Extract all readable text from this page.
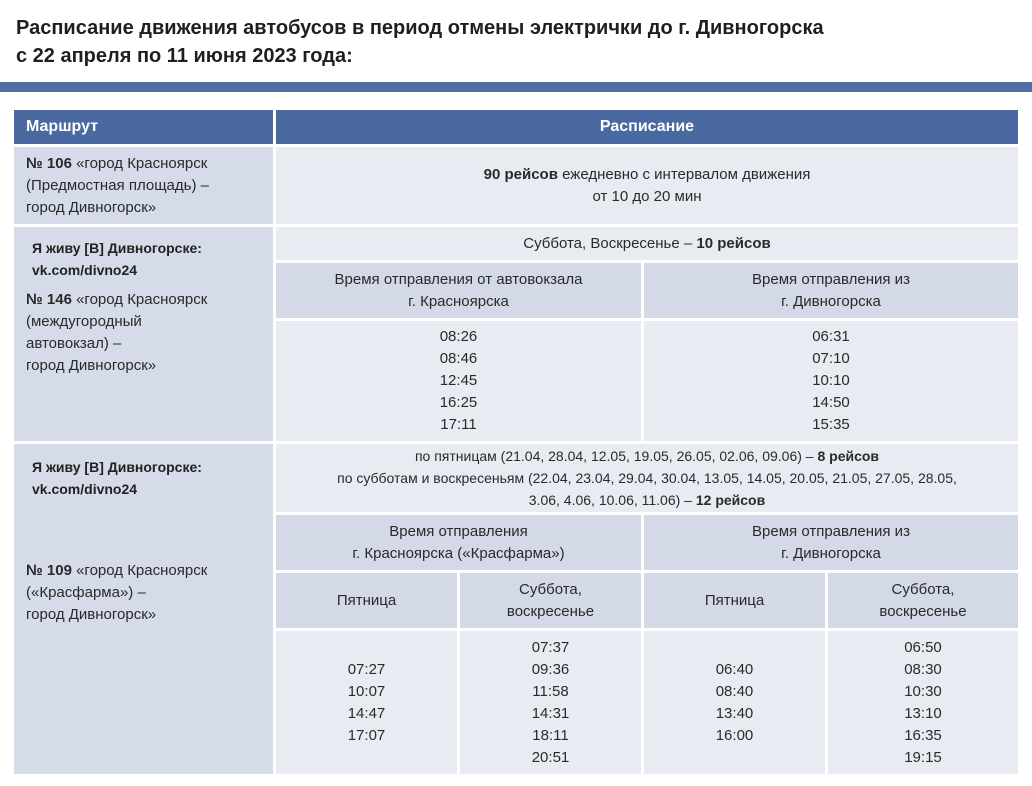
Расписание движения автобусов в период отмены электрички до г. Дивногорска
с 22 апреля по 11 июня 2023 года:
Маршрут	Расписание
№ 106 «город Красноярск
(Предмостная площадь) –
город Дивногорск»
90 рейсов ежедневно с интервалом движения
от 10 до 20 мин
Я живу [В] Дивногорске:
vk.com/divno24
№ 146 «город Красноярск
(междугородный
автовокзал) –
город Дивногорск»
Суббота, Воскресенье – 10 рейсов
Время отправления от автовокзала
г. Красноярска
Время отправления из
г. Дивногорска
08:26
08:46
12:45
16:25
17:11
06:31
07:10
10:10
14:50
15:35
Я живу [В] Дивногорске:
vk.com/divno24
№ 109 «город Красноярск
(«Красфарма») –
город Дивногорск»
по пятницам (21.04, 28.04, 12.05, 19.05, 26.05, 02.06, 09.06) – 8 рейсов
по субботам и воскресеньям (22.04, 23.04, 29.04, 30.04, 13.05, 14.05, 20.05, 21.05, 27.05, 28.05,
3.06, 4.06, 10.06, 11.06) – 12 рейсов
Время отправления
г. Красноярска («Красфарма»)
Время отправления из
г. Дивногорска
Пятница
Суббота,
воскресенье
Пятница
Суббота,
воскресенье
07:27
10:07
14:47
17:07
07:37
09:36
11:58
14:31
18:11
20:51
06:40
08:40
13:40
16:00
06:50
08:30
10:30
13:10
16:35
19:15
